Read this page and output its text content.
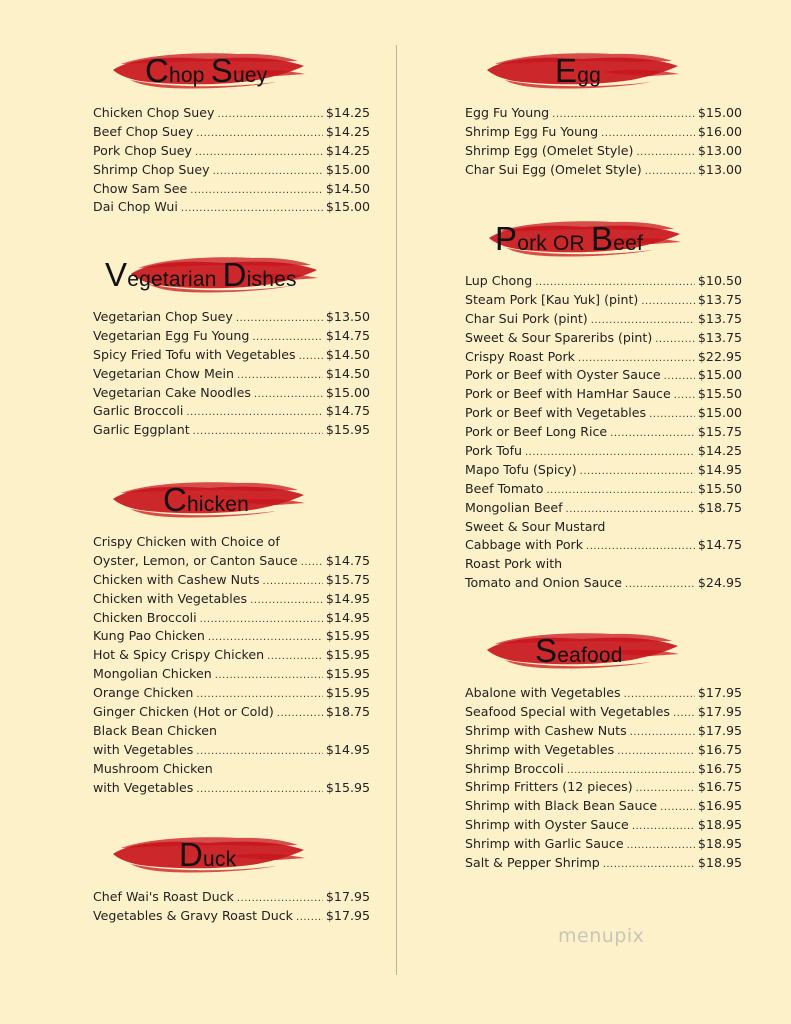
Chop Suey
Chicken Chop Suey .....	$14.25
Beef Chop Suey .....	$14.25
Pork Chop Suey .....	$14.25
Shrimp Chop Suey .....	$15.00
Chow Sam See .....	$14.50
Dai Chop Wui .....	$15.00
Vegetarian Dishes
Vegetarian Chop Suey .....	$13.50
Vegetarian Egg Fu Young .....	$14.75
Spicy Fried Tofu with Vegetables ..... $14.50
Vegetarian Chow Mein .....	$14.50
Vegetarian Cake Noodles .....	$15.00
Garlic Broccoli .....	$14.75
Garlic Eggplant .....	$15.95
Chicken
Crispy Chicken with Choice of
Oyster, Lemon, or Canton Sauce ..... $14.75
Chicken with Cashew Nuts .....	$15.75
Chicken with Vegetables .....	$14.95
Chicken Broccoli .....	$14.95
Kung Pao Chicken .....	$15.95
Hot & Spicy Crispy Chicken .....	$15.95
Mongolian Chicken .....	$15.95
Orange Chicken .....	$15.95
Ginger Chicken (Hot or Cold) .....	$18.75
Black Bean Chicken
with Vegetables .....	$14.95
Mushroom Chicken
with Vegetables .....	$15.95
Duck
Chef Wai's Roast Duck .....	$17.95
Vegetables & Gravy Roast Duck .....	$17.95
Egg
Egg Fu Young .....	$15.00
Shrimp Egg Fu Young .....	$16.00
Shrimp Egg (Omelet Style) .....	$13.00
Char Sui Egg (Omelet Style) .....	$13.00
Pork OR Beef
Lup Chong .....	$10.50
Steam Pork [Kau Yuk] (pint) .....	$13.75
Char Sui Pork (pint) .....	$13.75
Sweet & Sour Spareribs (pint) .....	$13.75
Crispy Roast Pork .....	$22.95
Pork or Beef with Oyster Sauce .....	$15.00
Pork or Beef with HamHar Sauce ..... $15.50
Pork or Beef with Vegetables .....	$15.00
Pork or Beef Long Rice .....	$15.75
Pork Tofu .....	$14.25
Mapo Tofu (Spicy) .....	$14.95
Beef Tomato .....	$15.50
Mongolian Beef .....	$18.75
Sweet & Sour Mustard
Cabbage with Pork .....	$14.75
Roast Pork with
Tomato and Onion Sauce .....	$24.95
Seafood
Abalone with Vegetables .....	$17.95
Seafood Special with Vegetables ..... $17.95
Shrimp with Cashew Nuts .....	$17.95
Shrimp with Vegetables .....	$16.75
Shrimp Broccoli .....	$16.75
Shrimp Fritters (12 pieces) .....	$16.75
Shrimp with Black Bean Sauce .....	$16.95
Shrimp with Oyster Sauce .....	$18.95
Shrimp with Garlic Sauce .....	$18.95
Salt & Pepper Shrimp .....	$18.95
menupix
